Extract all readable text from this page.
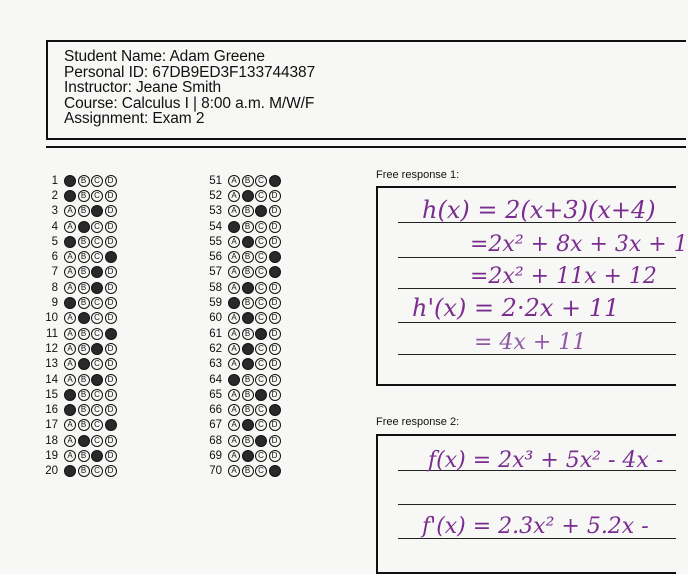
Student Name: Adam Greene
Personal ID: 67DB9ED3F133744387
Instructor: Jeane Smith
Course: Calculus I | 8:00 a.m. M/W/F
Assignment: Exam 2
1	A	B C D
2	A	B C D
3	A	B C D
4	A	B C D
5	A	B C D
6	A	B C D
7	A	B C D
8	A	B C D
9	A	B C D
10	A	B C D
11	A	B C D
12	A	B C D
13	A	B C D
14	A	B C D
15	A	B C D
16	A	B C D
17	A	B C D
18	A	B C D
19	A	B C D
20	A	B C D
51	A	B C D
52	A	B C D
53	A	B C D
54	A	B C D
55	A	B C D
56	A	B C D
57	A	B C D
58	A	B C D
59	A	B C D
60	A	B C D
61	A	B C D
62	A	B C D
63	A	B C D
64	A	B C D
65	A	B C D
66	A	B C D
67	A	B C D
68	A	B C D
69	A	B C D
70	A	B C D
Free response 1:
h(x) = 2(x+3)(x+4)
=2x² + 8x + 3x + 1
=2x² + 11x + 12
h'(x) = 2·2x + 11
= 4x + 11
Free response 2:
f(x) = 2x³ + 5x² - 4x -
f'(x) = 2.3x² + 5.2x -
